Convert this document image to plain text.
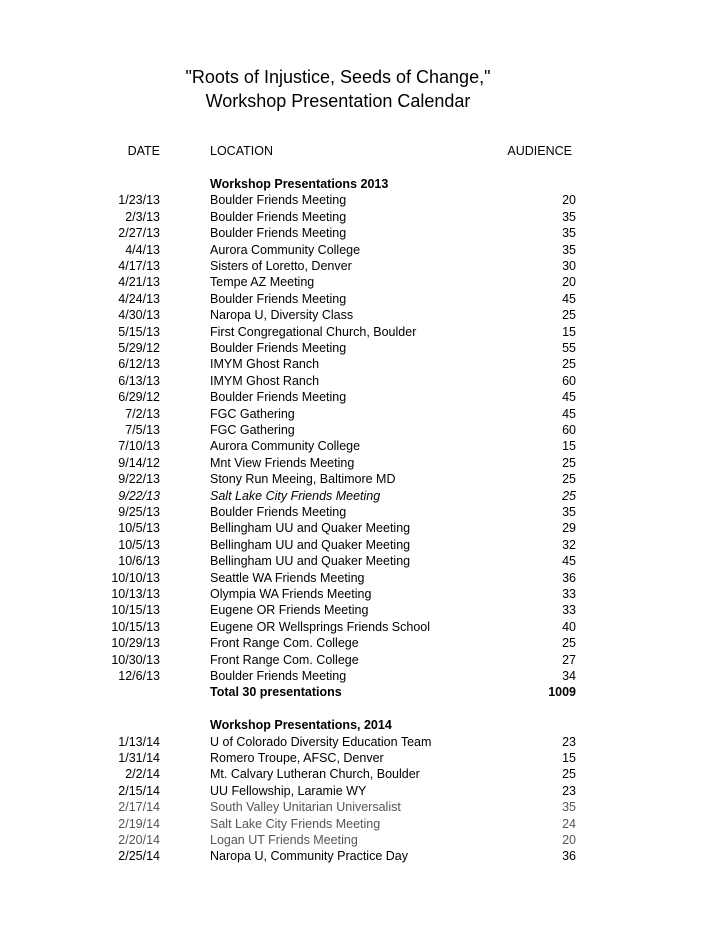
"Roots of Injustice, Seeds of Change,"
Workshop Presentation Calendar
DATE	LOCATION	AUDIENCE
Workshop Presentations 2013
1/23/13	Boulder Friends Meeting	20
2/3/13	Boulder Friends Meeting	35
2/27/13	Boulder Friends Meeting	35
4/4/13	Aurora Community College	35
4/17/13	Sisters of Loretto, Denver	30
4/21/13	Tempe AZ Meeting	20
4/24/13	Boulder Friends Meeting	45
4/30/13	Naropa U, Diversity Class	25
5/15/13	First Congregational Church, Boulder	15
5/29/12	Boulder Friends Meeting	55
6/12/13	IMYM Ghost Ranch	25
6/13/13	IMYM Ghost Ranch	60
6/29/12	Boulder Friends Meeting	45
7/2/13	FGC Gathering	45
7/5/13	FGC Gathering	60
7/10/13	Aurora Community College	15
9/14/12	Mnt View Friends Meeting	25
9/22/13	Stony Run Meeing, Baltimore MD	25
9/22/13	Salt Lake City Friends Meeting	25
9/25/13	Boulder Friends Meeting	35
10/5/13	Bellingham UU and Quaker Meeting	29
10/5/13	Bellingham UU and Quaker Meeting	32
10/6/13	Bellingham UU and Quaker Meeting	45
10/10/13	Seattle WA Friends Meeting	36
10/13/13	Olympia WA Friends Meeting	33
10/15/13	Eugene OR Friends Meeting	33
10/15/13	Eugene OR Wellsprings Friends School	40
10/29/13	Front Range Com. College	25
10/30/13	Front Range Com. College	27
12/6/13	Boulder Friends Meeting	34
Total 30 presentations	1009
Workshop Presentations, 2014
1/13/14	U of Colorado Diversity Education Team	23
1/31/14	Romero Troupe, AFSC, Denver	15
2/2/14	Mt. Calvary Lutheran Church, Boulder	25
2/15/14	UU Fellowship, Laramie WY	23
2/17/14	South Valley Unitarian Universalist	35
2/19/14	Salt Lake City Friends Meeting	24
2/20/14	Logan UT Friends Meeting	20
2/25/14	Naropa U, Community Practice Day	36
